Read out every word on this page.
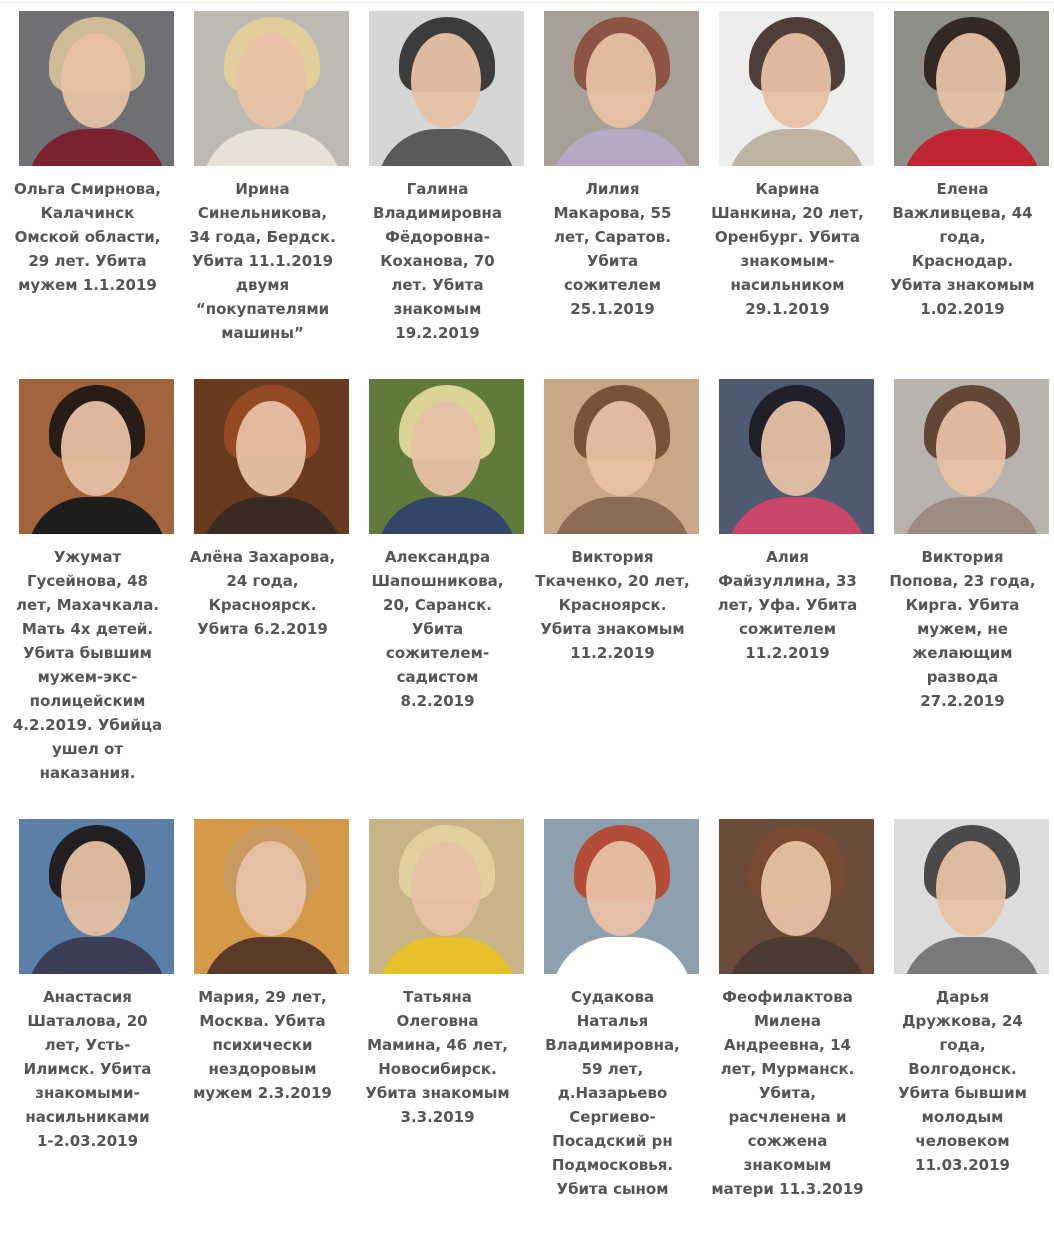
Ольга Смирнова,
Калачинск
Омской области,
29 лет. Убита
мужем 1.1.2019
Ирина
Синельникова,
34 года, Бердск.
Убита 11.1.2019
двумя
“покупателями
машины”
Галина
Владимировна
Фёдоровна-
Коханова, 70
лет. Убита
знакомым
19.2.2019
Лилия
Макарова, 55
лет, Саратов.
Убита
сожителем
25.1.2019
Карина
Шанкина, 20 лет,
Оренбург. Убита
знакомым-
насильником
29.1.2019
Елена
Важливцева, 44
года,
Краснодар.
Убита знакомым
1.02.2019
Ужумат
Гусейнова, 48
лет, Махачкала.
Мать 4х детей.
Убита бывшим
мужем-экс-
полицейским
4.2.2019. Убийца
ушел от
наказания.
Алёна Захарова,
24 года,
Красноярск.
Убита 6.2.2019
Александра
Шапошникова,
20, Саранск.
Убита
сожителем-
садистом
8.2.2019
Виктория
Ткаченко, 20 лет,
Красноярск.
Убита знакомым
11.2.2019
Алия
Файзуллина, 33
лет, Уфа. Убита
сожителем
11.2.2019
Виктория
Попова, 23 года,
Кирга. Убита
мужем, не
желающим
развода
27.2.2019
Анастасия
Шаталова, 20
лет, Усть-
Илимск. Убита
знакомыми-
насильниками
1-2.03.2019
Мария, 29 лет,
Москва. Убита
психически
нездоровым
мужем 2.3.2019
Татьяна
Олеговна
Мамина, 46 лет,
Новосибирск.
Убита знакомым
3.3.2019
Судакова
Наталья
Владимировна,
59 лет,
д.Назарьево
Сергиево-
Посадский рн
Подмосковья.
Убита сыном
Феофилактова
Милена
Андреевна, 14
лет, Мурманск.
Убита,
расчленена и
сожжена
знакомым
матери 11.3.2019
Дарья
Дружкова, 24
года,
Волгодонск.
Убита бывшим
молодым
человеком
11.03.2019
